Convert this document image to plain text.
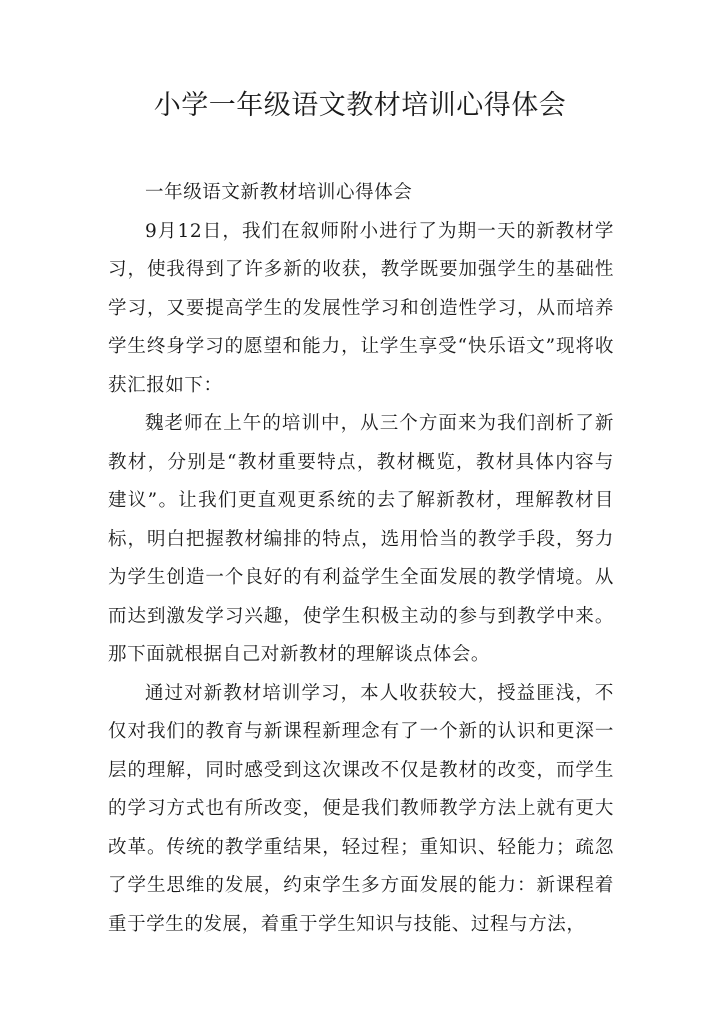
小学一年级语文教材培训心得体会

一年级语文新教材培训心得体会

9月12日，我们在叙师附小进行了为期一天的新教材学习，使我得到了许多新的收获，教学既要加强学生的基础性学习，又要提高学生的发展性学习和创造性学习，从而培养学生终身学习的愿望和能力，让学生享受“快乐语文”现将收获汇报如下：

魏老师在上午的培训中，从三个方面来为我们剖析了新教材，分别是“教材重要特点，教材概览，教材具体内容与建议”。让我们更直观更系统的去了解新教材，理解教材目标，明白把握教材编排的特点，选用恰当的教学手段，努力为学生创造一个良好的有利益学生全面发展的教学情境。从而达到激发学习兴趣，使学生积极主动的参与到教学中来。那下面就根据自己对新教材的理解谈点体会。

通过对新教材培训学习，本人收获较大，授益匪浅，不仅对我们的教育与新课程新理念有了一个新的认识和更深一层的理解，同时感受到这次课改不仅是教材的改变，而学生的学习方式也有所改变，便是我们教师教学方法上就有更大改革。传统的教学重结果，轻过程；重知识、轻能力；疏忽了学生思维的发展，约束学生多方面发展的能力：新课程着重于学生的发展，着重于学生知识与技能、过程与方法，
